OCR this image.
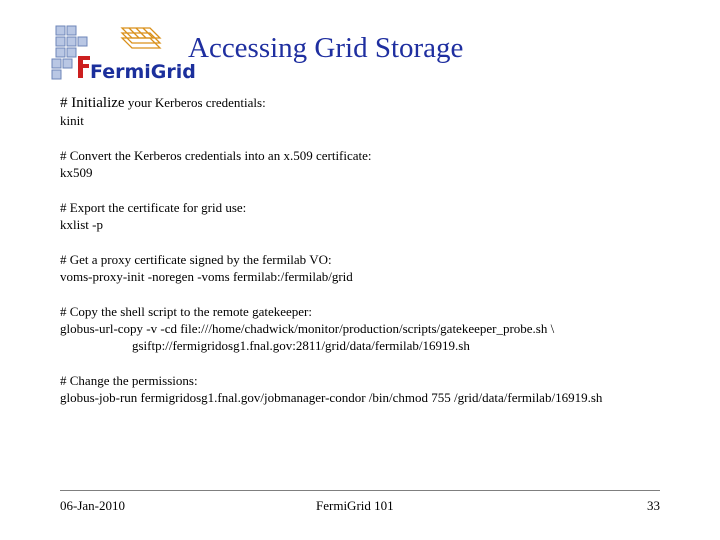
FermiGrid
Accessing Grid Storage
# Initialize your Kerberos credentials:
kinit
# Convert the Kerberos credentials into an x.509 certificate:
kx509
# Export the certificate for grid use:
kxlist -p
# Get a proxy certificate signed by the fermilab VO:
voms-proxy-init -noregen -voms fermilab:/fermilab/grid
# Copy the shell script to the remote gatekeeper:
globus-url-copy -v -cd file:///home/chadwick/monitor/production/scripts/gatekeeper_probe.sh \
gsiftp://fermigridosg1.fnal.gov:2811/grid/data/fermilab/16919.sh
# Change the permissions:
globus-job-run fermigridosg1.fnal.gov/jobmanager-condor /bin/chmod 755 /grid/data/fermilab/16919.sh
06-Jan-2010	FermiGrid 101	33
